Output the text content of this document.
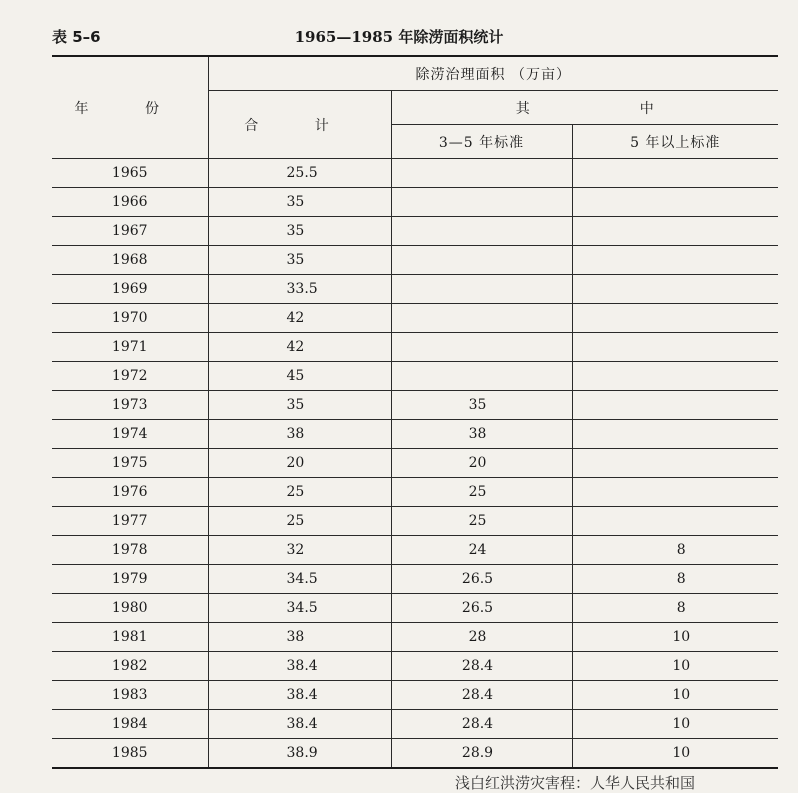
表 5–6	1965—1985 年除涝面积统计
年 份	除涝治理面积 （万亩）		
	合 计	其 中	
		3—5 年标准	5 年以上标准
1965	25.5		
1966	35		
1967	35		
1968	35		
1969	33.5		
1970	42		
1971	42		
1972	45		
1973	35	35	
1974	38	38	
1975	20	20	
1976	25	25	
1977	25	25	
1978	32	24	8
1979	34.5	26.5	8
1980	34.5	26.5	8
1981	38	28	10
1982	38.4	28.4	10
1983	38.4	28.4	10
1984	38.4	28.4	10
1985	38.9	28.9	10
浅白红洪涝灾害程：人华人民共和国
